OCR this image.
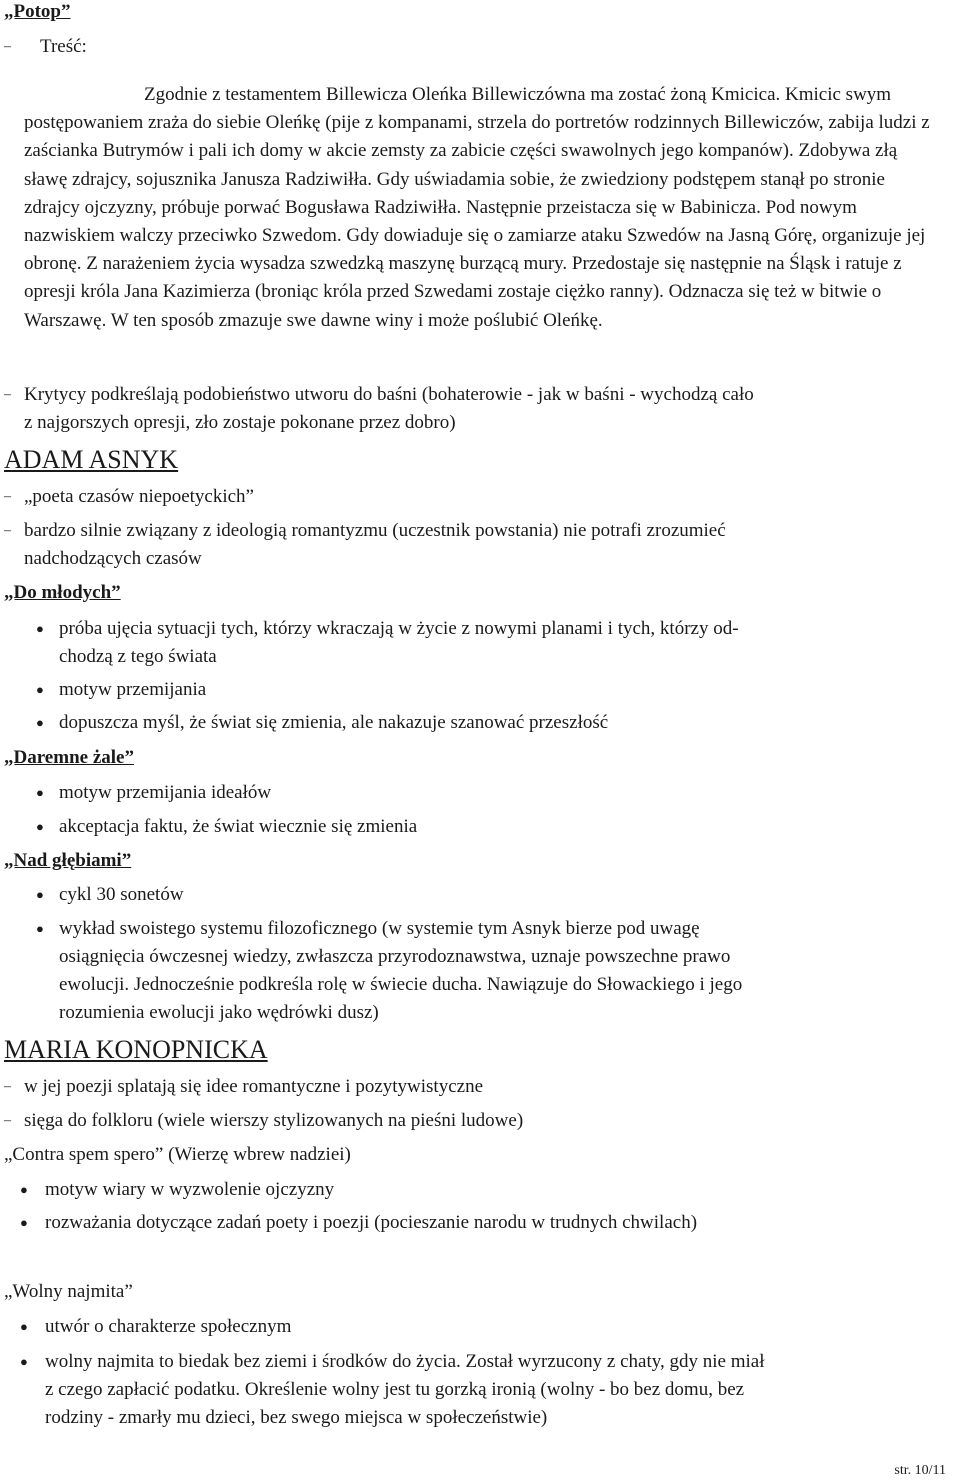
„Potop”
– Treść:

Zgodnie z testamentem Billewicza Oleńka Billewiczówna ma zostać żoną Kmicica. Kmicic swym postępowaniem zraża do siebie Oleńkę (pije z kompanami, strzela do portretów rodzinnych Billewiczów, zabija ludzi z zaścianka Butrymów i pali ich domy w akcie zemsty za zabicie części swawolnych jego kompanów). Zdobywa złą sławę zdrajcy, sojusznika Janusza Radziwiłła. Gdy uświadamia sobie, że zwiedziony podstępem stanął po stronie zdrajcy ojczyzny, próbuje porwać Bogusława Radziwiłła. Następnie przeistacza się w Babinicza. Pod nowym nazwiskiem walczy przeciwko Szwedom. Gdy dowiaduje się o zamiarze ataku Szwedów na Jasną Górę, organizuje jej obronę. Z narażeniem życia wysadza szwedzką maszynę burzącą mury. Przedostaje się następnie na Śląsk i ratuje z opresji króla Jana Kazimierza (broniąc króla przed Szwedami zostaje ciężko ranny). Odznacza się też w bitwie o Warszawę. W ten sposób zmazuje swe dawne winy i może poślubić Oleńkę.

– Krytycy podkreślają podobieństwo utworu do baśni (bohaterowie - jak w baśni - wychodzą cało
z najgorszych opresji, zło zostaje pokonane przez dobro)
ADAM ASNYK
– „poeta czasów niepoetyckich”
– bardzo silnie związany z ideologią romantyzmu (uczestnik powstania) nie potrafi zrozumieć
nadchodzących czasów
„Do młodych”
● próba ujęcia sytuacji tych, którzy wkraczają w życie z nowymi planami i tych, którzy od-
chodzą z tego świata
● motyw przemijania
● dopuszcza myśl, że świat się zmienia, ale nakazuje szanować przeszłość
„Daremne żale”
● motyw przemijania ideałów
● akceptacja faktu, że świat wiecznie się zmienia
„Nad głębiami”
● cykl 30 sonetów
● wykład swoistego systemu filozoficznego (w systemie tym Asnyk bierze pod uwagę
osiągnięcia ówczesnej wiedzy, zwłaszcza przyrodoznawstwa, uznaje powszechne prawo
ewolucji. Jednocześnie podkreśla rolę w świecie ducha. Nawiązuje do Słowackiego i jego
rozumienia ewolucji jako wędrówki dusz)
MARIA KONOPNICKA
– w jej poezji splatają się idee romantyczne i pozytywistyczne
– sięga do folkloru (wiele wierszy stylizowanych na pieśni ludowe)
„Contra spem spero” (Wierzę wbrew nadziei)
● motyw wiary w wyzwolenie ojczyzny
● rozważania dotyczące zadań poety i poezji (pocieszanie narodu w trudnych chwilach)
„Wolny najmita”
● utwór o charakterze społecznym
● wolny najmita to biedak bez ziemi i środków do życia. Został wyrzucony z chaty, gdy nie miał
z czego zapłacić podatku. Określenie wolny jest tu gorzką ironią (wolny - bo bez domu, bez
rodziny - zmarły mu dzieci, bez swego miejsca w społeczeństwie)
str. 10/11
